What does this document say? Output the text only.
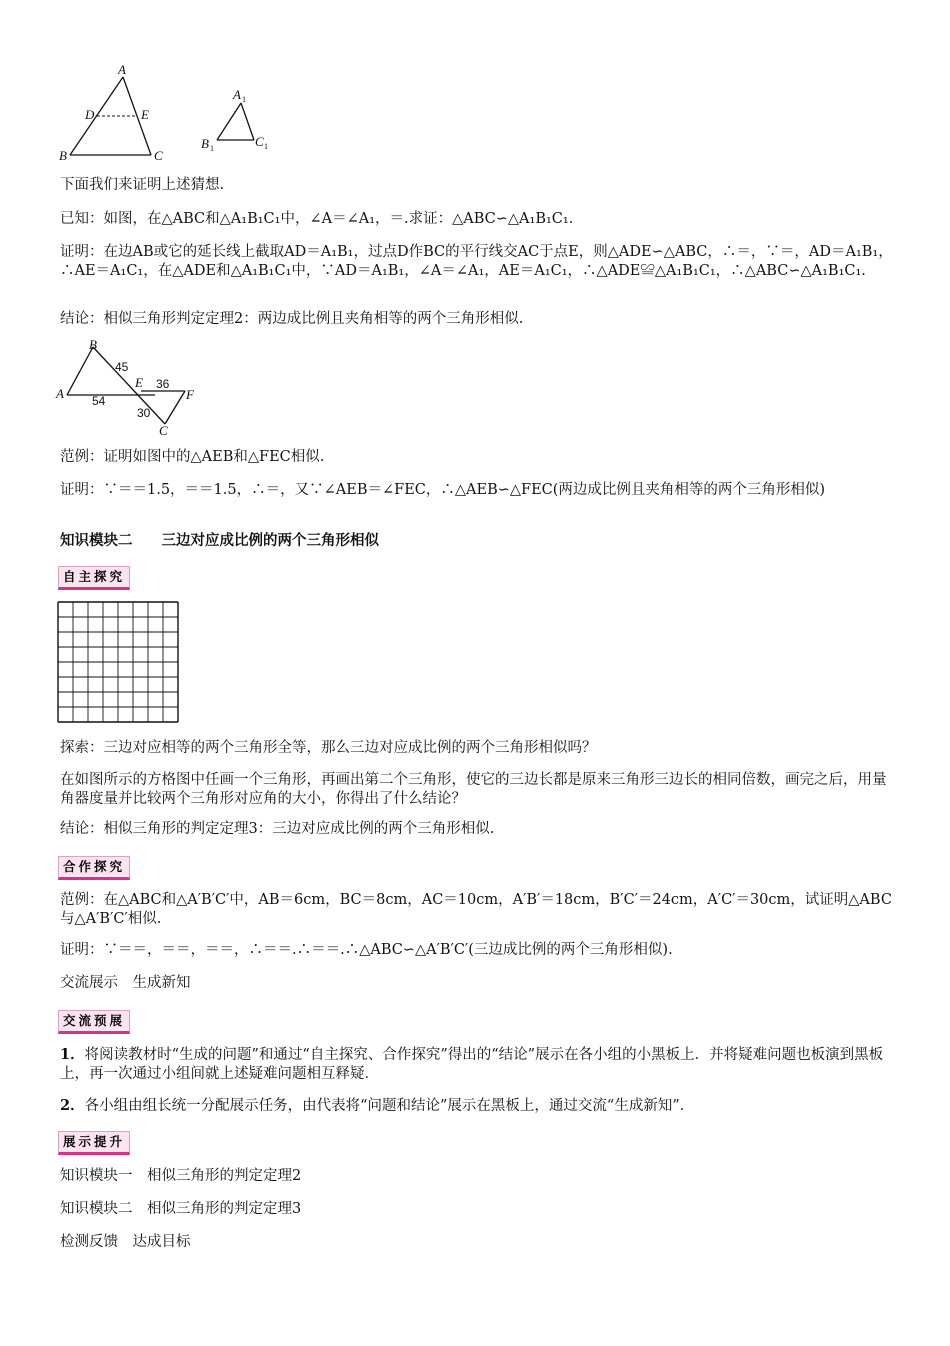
A
B	C
D	E
A 1
B 1	C 1
下面我们来证明上述猜想.
已知：如图，在△ABC和△A₁B₁C₁中，∠A＝∠A₁，＝.求证：△ABC∽△A₁B₁C₁.
证明：在边AB或它的延长线上截取AD＝A₁B₁，过点D作BC的平行线交AC于点E，则△ADE∽△ABC，∴＝，∵＝，AD＝A₁B₁，∴AE＝A₁C₁，在△ADE和△A₁B₁C₁中，∵AD＝A₁B₁，∠A＝∠A₁，AE＝A₁C₁，∴△ADE≌△A₁B₁C₁，∴△ABC∽△A₁B₁C₁.
结论：相似三角形判定定理2：两边成比例且夹角相等的两个三角形相似.
B
A
E
F
C
45
54
36
30
范例：证明如图中的△AEB和△FEC相似.
证明：∵＝＝1.5，＝＝1.5，∴＝，又∵∠AEB＝∠FEC，∴△AEB∽△FEC(两边成比例且夹角相等的两个三角形相似)
知识模块二　　三边对应成比例的两个三角形相似
自主探究
探索：三边对应相等的两个三角形全等，那么三边对应成比例的两个三角形相似吗？
在如图所示的方格图中任画一个三角形，再画出第二个三角形，使它的三边长都是原来三角形三边长的相同倍数，画完之后，用量角器度量并比较两个三角形对应角的大小，你得出了什么结论？
结论：相似三角形的判定定理3：三边对应成比例的两个三角形相似.
合作探究
范例：在△ABC和△A′B′C′中，AB＝6cm，BC＝8cm，AC＝10cm，A′B′＝18cm，B′C′＝24cm，A′C′＝30cm，试证明△ABC与△A′B′C′相似.
证明：∵＝＝，＝＝，＝＝，∴＝＝.∴＝＝.∴△ABC∽△A′B′C′(三边成比例的两个三角形相似).
交流展示　生成新知
交流预展
1．将阅读教材时“生成的问题”和通过“自主探究、合作探究”得出的“结论”展示在各小组的小黑板上．并将疑难问题也板演到黑板上，再一次通过小组间就上述疑难问题相互释疑．
2．各小组由组长统一分配展示任务，由代表将“问题和结论”展示在黑板上，通过交流“生成新知”．
展示提升
知识模块一　相似三角形的判定定理2
知识模块二　相似三角形的判定定理3
检测反馈　达成目标
